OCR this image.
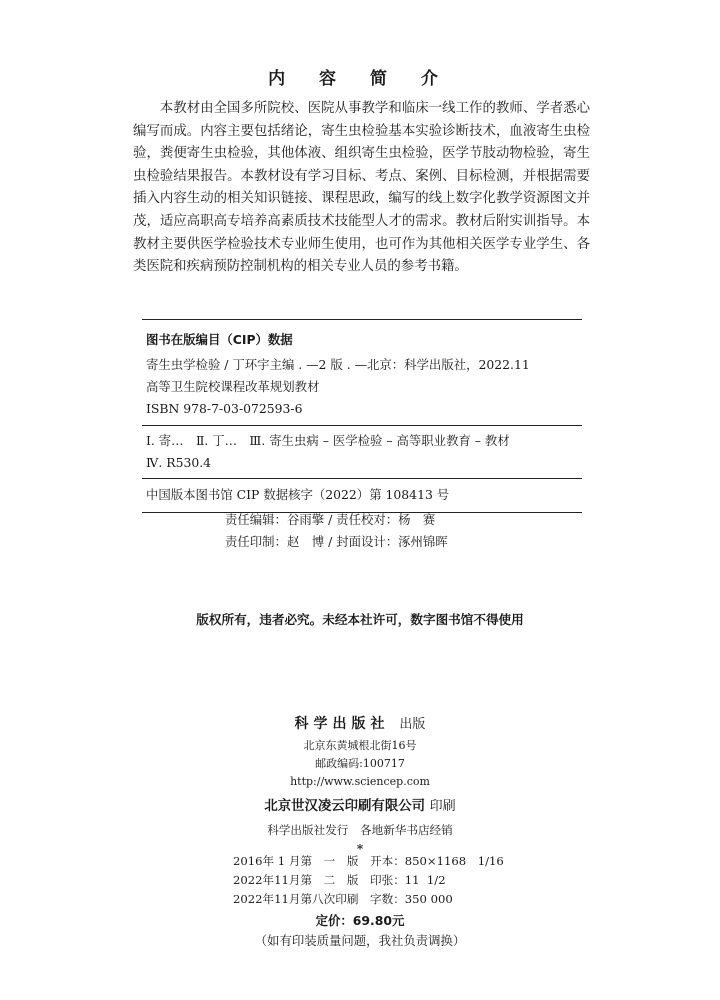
内 容 简 介

本教材由全国多所院校、医院从事教学和临床一线工作的教师、学者悉心编写而成。内容主要包括绪论，寄生虫检验基本实验诊断技术，血液寄生虫检验，粪便寄生虫检验，其他体液、组织寄生虫检验，医学节肢动物检验，寄生虫检验结果报告。本教材设有学习目标、考点、案例、目标检测，并根据需要插入内容生动的相关知识链接、课程思政，编写的线上数字化教学资源图文并茂，适应高职高专培养高素质技术技能型人才的需求。教材后附实训指导。本教材主要供医学检验技术专业师生使用，也可作为其他相关医学专业学生、各类医院和疾病预防控制机构的相关专业人员的参考书籍。

图书在版编目（CIP）数据
寄生虫学检验 / 丁环宇主编 . —2 版 . —北京：科学出版社，2022.11
高等卫生院校课程改革规划教材
ISBN 978-7-03-072593-6
Ⅰ. 寄…　Ⅱ. 丁…　Ⅲ. 寄生虫病 – 医学检验 – 高等职业教育 – 教材
Ⅳ. R530.4
中国版本图书馆 CIP 数据核字（2022）第 108413 号
责任编辑：谷雨擎 / 责任校对：杨　赛
责任印制：赵　博 / 封面设计：涿州锦晖
版权所有，违者必究。未经本社许可，数字图书馆不得使用
科学出版社 出版
北京东黄城根北街16号
邮政编码:100717
http://www.sciencep.com
北京世汉凌云印刷有限公司 印刷
科学出版社发行　各地新华书店经销
*
2016年 1 月第　一　版　开本：850×1168　1/16
2022年11月第　二　版　印张：11  1/2
2022年11月第八次印刷　字数：350 000
定价：69.80元
（如有印装质量问题，我社负责调换）
